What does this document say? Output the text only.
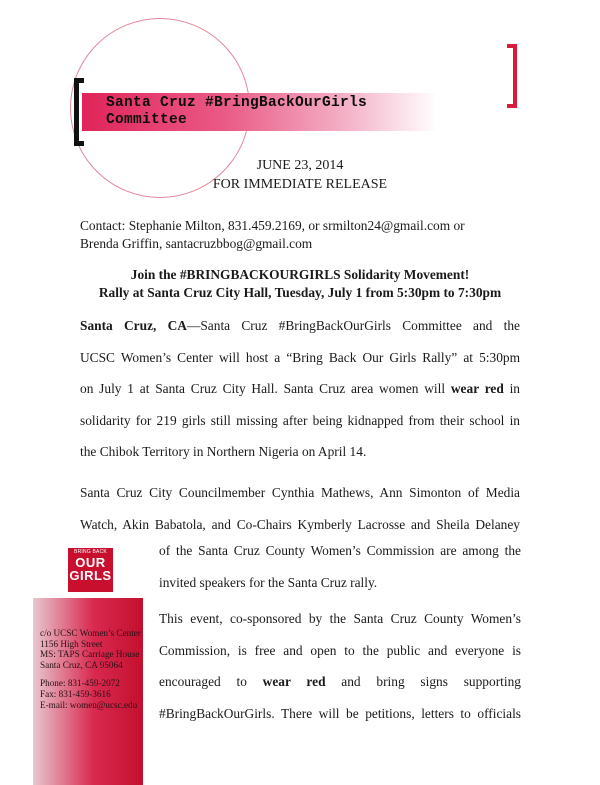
Santa Cruz #BringBackOurGirls
Committee
JUNE 23, 2014
FOR IMMEDIATE RELEASE
Contact: Stephanie Milton, 831.459.2169, or srmilton24@gmail.com or
Brenda Griffin, santacruzbbog@gmail.com
Join the #BRINGBACKOURGIRLS Solidarity Movement!
Rally at Santa Cruz City Hall, Tuesday, July 1 from 5:30pm to 7:30pm
Santa Cruz, CA—Santa Cruz #BringBackOurGirls Committee and the
UCSC Women’s Center will host a “Bring Back Our Girls Rally” at 5:30pm
on July 1 at Santa Cruz City Hall. Santa Cruz area women will wear red in
solidarity for 219 girls still missing after being kidnapped from their school in
the Chibok Territory in Northern Nigeria on April 14.
Santa Cruz City Councilmember Cynthia Mathews, Ann Simonton of Media
Watch, Akin Babatola, and Co-Chairs Kymberly Lacrosse and Sheila Delaney
of the Santa Cruz County Women’s Commission are among the
invited speakers for the Santa Cruz rally.
This event, co-sponsored by the Santa Cruz County Women’s
Commission, is free and open to the public and everyone is
encouraged to wear red and bring signs supporting
#BringBackOurGirls. There will be petitions, letters to officials
BRING BACK
OUR
GIRLS
c/o UCSC Women’s Center
1156 High Street
MS: TAPS Carriage House
Santa Cruz, CA 95064
Phone: 831-459-2072
Fax: 831-459-3616
E-mail: women@ucsc.edu
